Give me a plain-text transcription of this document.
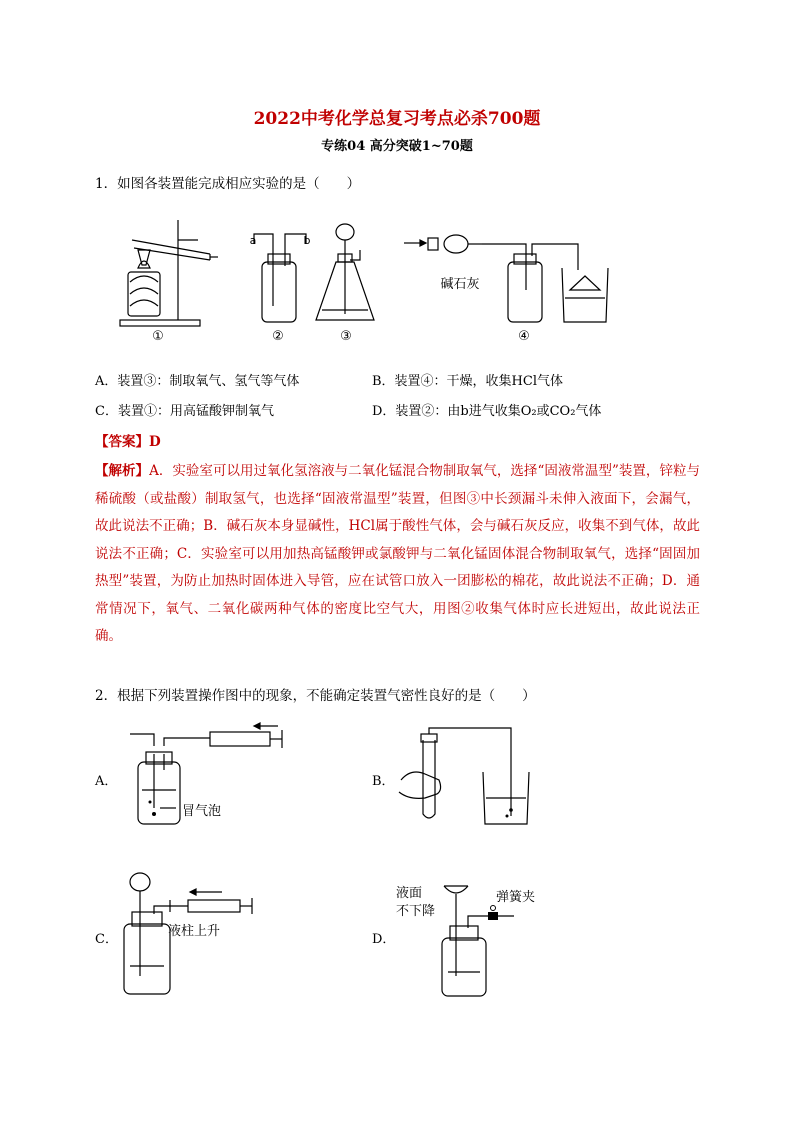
2022中考化学总复习考点必杀700题
专练04 高分突破1~70题
1．如图各装置能完成相应实验的是（　　）
a	b
碱石灰
①	②	③	④
A．装置③：制取氧气、氢气等气体	B．装置④：干燥，收集HCl气体
C．装置①：用高锰酸钾制氧气	D．装置②：由b进气收集O₂或CO₂气体
【答案】D
【解析】A．实验室可以用过氧化氢溶液与二氧化锰混合物制取氧气，选择“固液常温型”装置，锌粒与稀硫酸（或盐酸）制取氢气，也选择“固液常温型”装置，但图③中长颈漏斗未伸入液面下，会漏气，故此说法不正确；B．碱石灰本身显碱性，HCl属于酸性气体，会与碱石灰反应，收集不到气体，故此说法不正确；C．实验室可以用加热高锰酸钾或氯酸钾与二氧化锰固体混合物制取氧气，选择“固固加热型”装置，为防止加热时固体进入导管，应在试管口放入一团膨松的棉花，故此说法不正确；D．通常情况下，氧气、二氧化碳两种气体的密度比空气大，用图②收集气体时应长进短出，故此说法正确。
2．根据下列装置操作图中的现象，不能确定装置气密性良好的是（　　）
A．
冒气泡
B．
C．
液柱上升
D．
液面
不下降
弹簧夹
